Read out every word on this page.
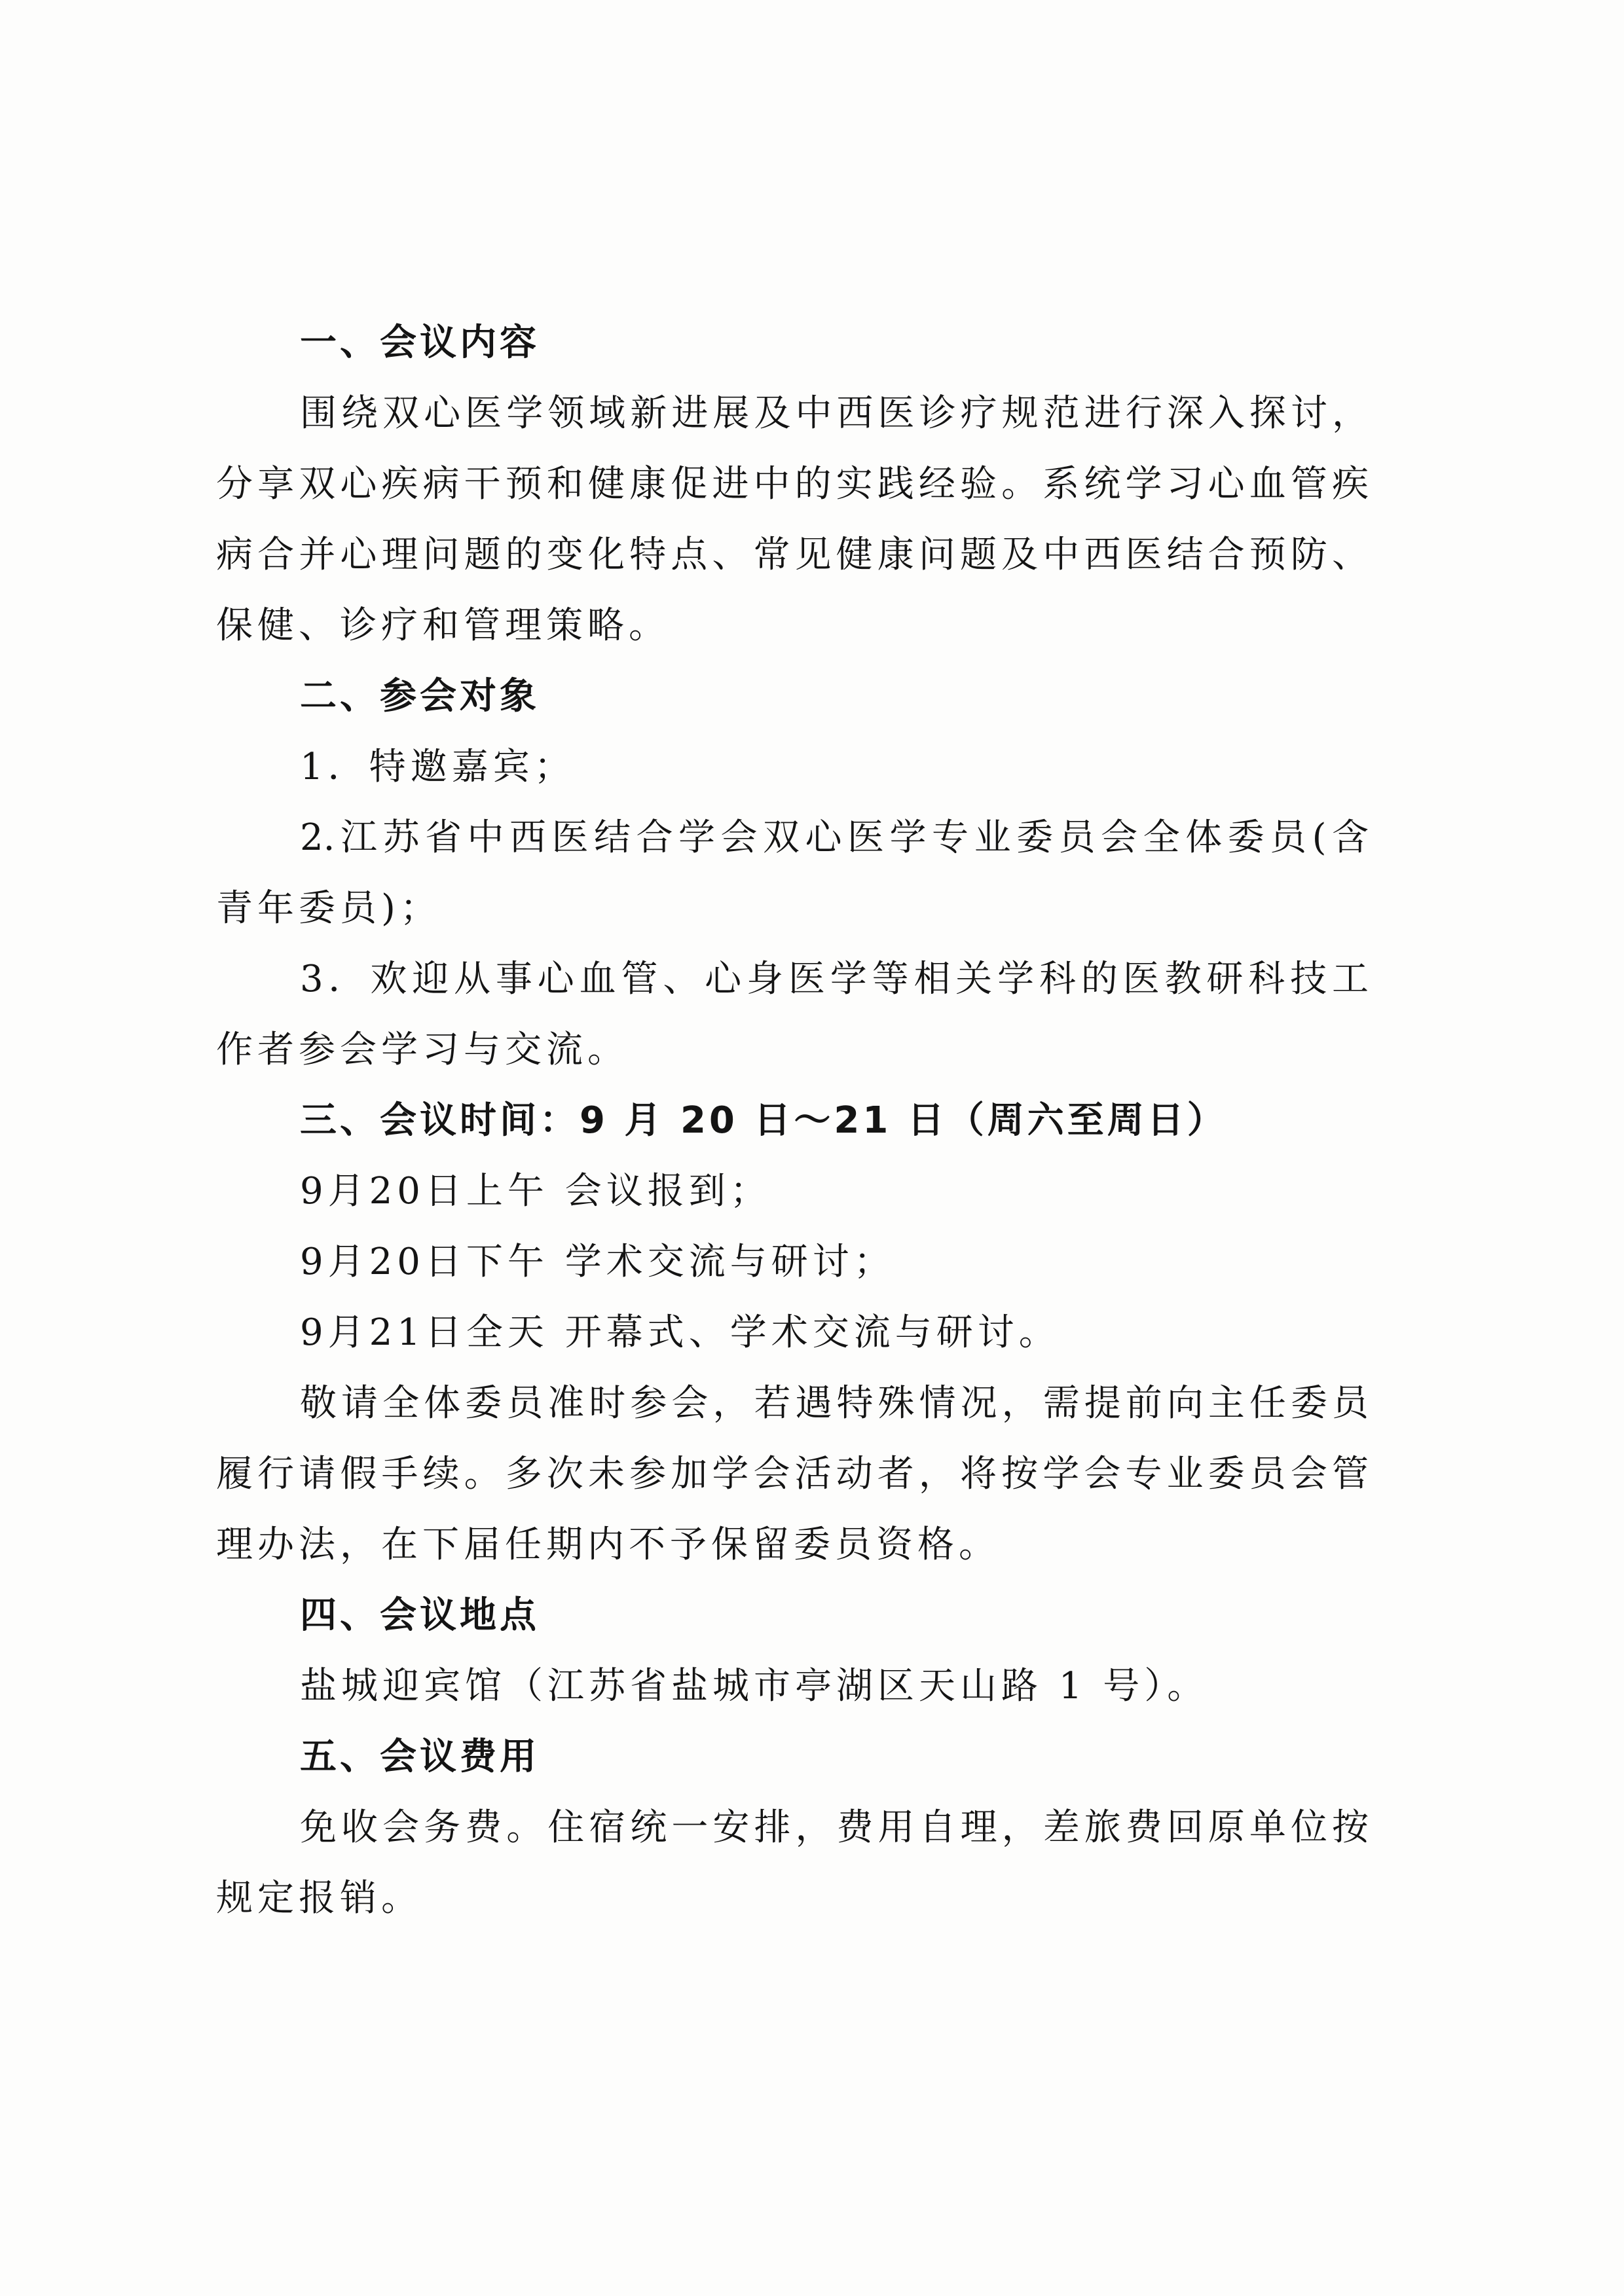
一、会议内容
围绕双心医学领域新进展及中西医诊疗规范进行深入探讨，
分享双心疾病干预和健康促进中的实践经验。系统学习心血管疾
病合并心理问题的变化特点、常见健康问题及中西医结合预防、
保健、诊疗和管理策略。
二、参会对象
1．特邀嘉宾；
2.江苏省中西医结合学会双心医学专业委员会全体委员(含
青年委员)；
3．欢迎从事心血管、心身医学等相关学科的医教研科技工
作者参会学习与交流。
三、会议时间：9 月 20 日～21 日（周六至周日）
9月20日上午 会议报到；
9月20日下午 学术交流与研讨；
9月21日全天 开幕式、学术交流与研讨。
敬请全体委员准时参会，若遇特殊情况，需提前向主任委员
履行请假手续。多次未参加学会活动者，将按学会专业委员会管
理办法，在下届任期内不予保留委员资格。
四、会议地点
盐城迎宾馆（江苏省盐城市亭湖区天山路 1 号）。
五、会议费用
免收会务费。住宿统一安排，费用自理，差旅费回原单位按
规定报销。
